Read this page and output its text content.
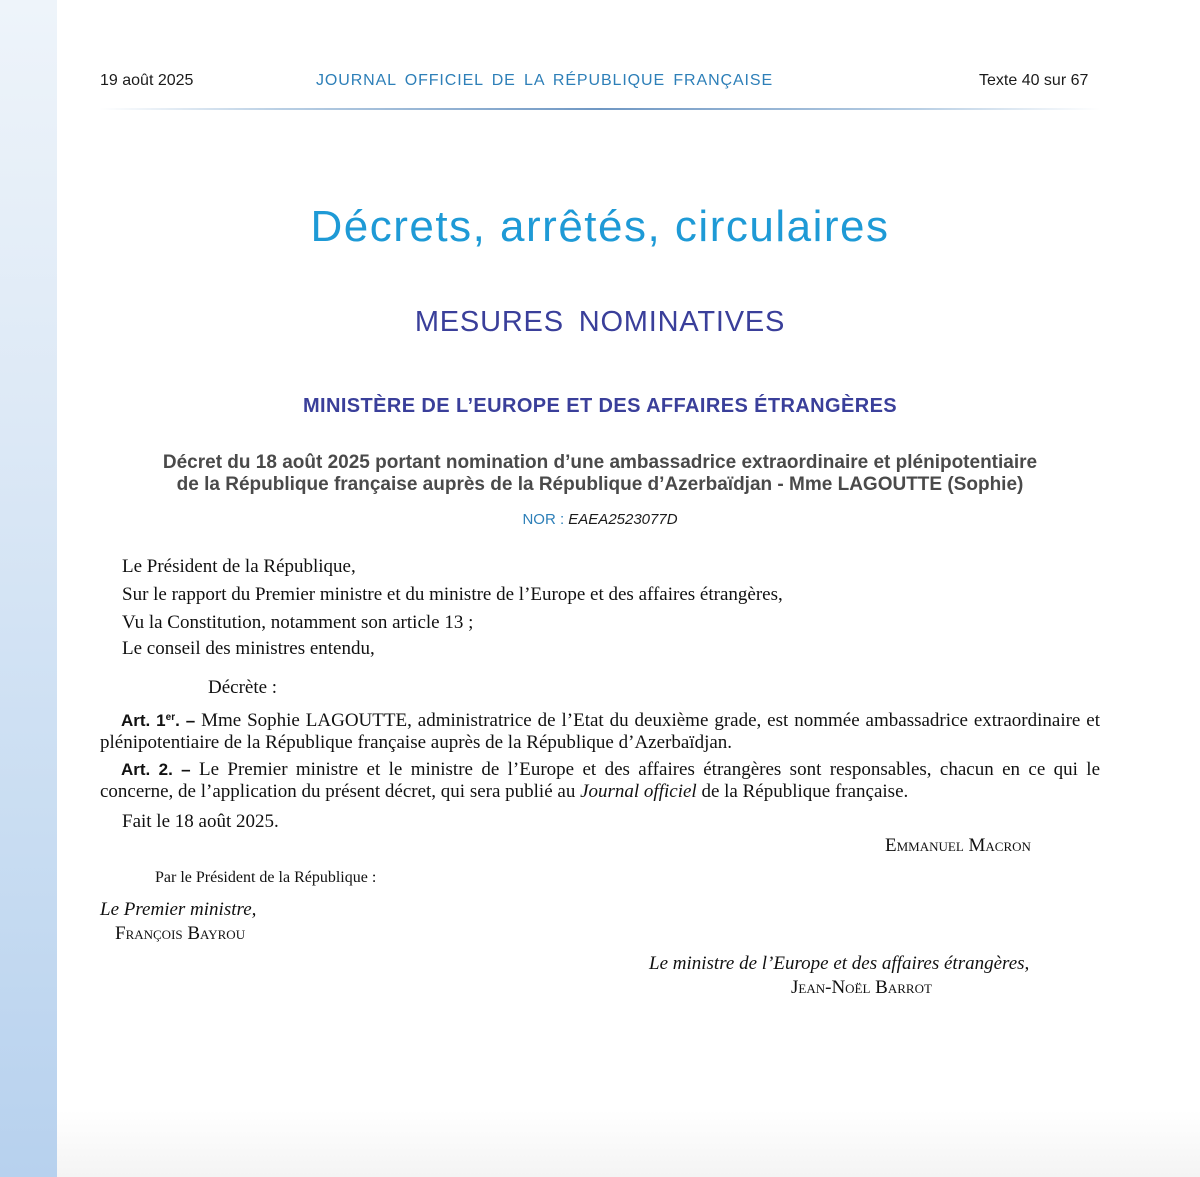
19 août 2025	JOURNAL OFFICIEL DE LA RÉPUBLIQUE FRANÇAISE	Texte 40 sur 67
Décrets, arrêtés, circulaires
MESURES NOMINATIVES
MINISTÈRE DE L’EUROPE ET DES AFFAIRES ÉTRANGÈRES
Décret du 18 août 2025 portant nomination d’une ambassadrice extraordinaire et plénipotentiaire
de la République française auprès de la République d’Azerbaïdjan - Mme LAGOUTTE (Sophie)
NOR : EAEA2523077D
Le Président de la République,
Sur le rapport du Premier ministre et du ministre de l’Europe et des affaires étrangères,
Vu la Constitution, notamment son article 13 ;
Le conseil des ministres entendu,
Décrète :
Art. 1er. – Mme Sophie LAGOUTTE, administratrice de l’Etat du deuxième grade, est nommée ambassadrice extraordinaire et plénipotentiaire de la République française auprès de la République d’Azerbaïdjan.
Art. 2. – Le Premier ministre et le ministre de l’Europe et des affaires étrangères sont responsables, chacun en ce qui le concerne, de l’application du présent décret, qui sera publié au Journal officiel de la République française.
Fait le 18 août 2025.
Emmanuel Macron
Par le Président de la République :
Le Premier ministre,
François Bayrou
Le ministre de l’Europe et des affaires étrangères,
Jean-Noël Barrot
